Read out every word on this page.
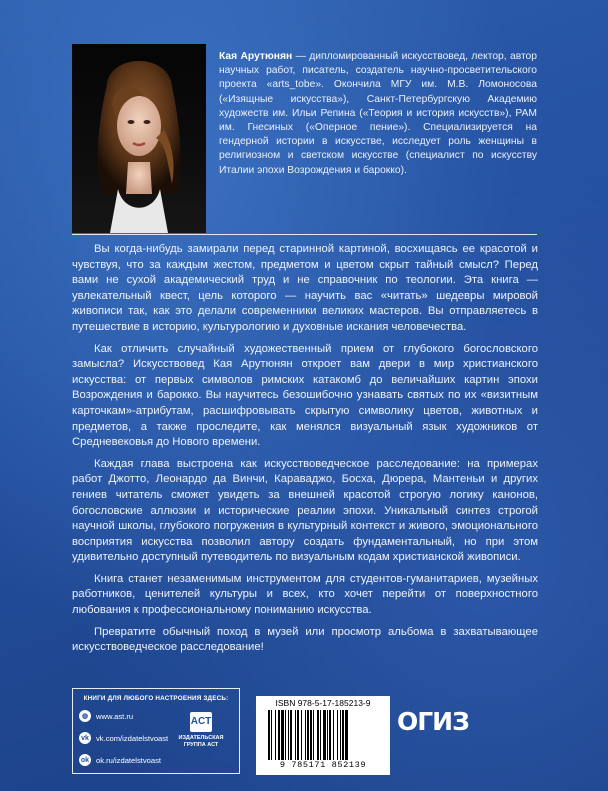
Кая Арутюнян — дипломированный искусствовед, лектор, автор научных работ, писатель, создатель научно-просветительского проекта «arts_tobe». Окончила МГУ им. М.В. Ломоносова («Изящные искусства»), Санкт-Петербургскую Академию художеств им. Ильи Репина («Теория и история искусств»), РАМ им. Гнесиных («Оперное пение»). Специализируется на гендерной истории в искусстве, исследует роль женщины в религиозном и светском искусстве (специалист по искусству Италии эпохи Возрождения и барокко).

Вы когда-нибудь замирали перед старинной картиной, восхищаясь ее красотой и чувствуя, что за каждым жестом, предметом и цветом скрыт тайный смысл? Перед вами не сухой академический труд и не справочник по теологии. Эта книга — увлекательный квест, цель которого — научить вас «читать» шедевры мировой живописи так, как это делали современники великих мастеров. Вы отправляетесь в путешествие в историю, культурологию и духовные искания человечества.

Как отличить случайный художественный прием от глубокого богословского замысла? Искусствовед Кая Арутюнян откроет вам двери в мир христианского искусства: от первых символов римских катакомб до величайших картин эпохи Возрождения и барокко. Вы научитесь безошибочно узнавать святых по их «визитным карточкам»-атрибутам, расшифровывать скрытую символику цветов, животных и предметов, а также проследите, как менялся визуальный язык художников от Средневековья до Нового времени.

Каждая глава выстроена как искусствоведческое расследование: на примерах работ Джотто, Леонардо да Винчи, Караваджо, Босха, Дюрера, Мантеньи и других гениев читатель сможет увидеть за внешней красотой строгую логику канонов, богословские аллюзии и исторические реалии эпохи. Уникальный синтез строгой научной школы, глубокого погружения в культурный контекст и живого, эмоционального восприятия искусства позволил автору создать фундаментальный, но при этом удивительно доступный путеводитель по визуальным кодам христианской живописи.

Книга станет незаменимым инструментом для студентов-гуманитариев, музейных работников, ценителей культуры и всех, кто хочет перейти от поверхностного любования к профессиональному пониманию искусства.

Превратите обычный поход в музей или просмотр альбома в захватывающее искусствоведческое расследование!

КНИГИ ДЛЯ ЛЮБОГО НАСТРОЕНИЯ ЗДЕСЬ:
◍	www.ast.ru
vk vk.com/izdatelstvoast
ok ok.ru/izdatelstvoast
ACT
ИЗДАТЕЛЬСКАЯ
ГРУППА АСТ
ISBN 978-5-17-185213-9
9 785171 852139
ОГИЗ
